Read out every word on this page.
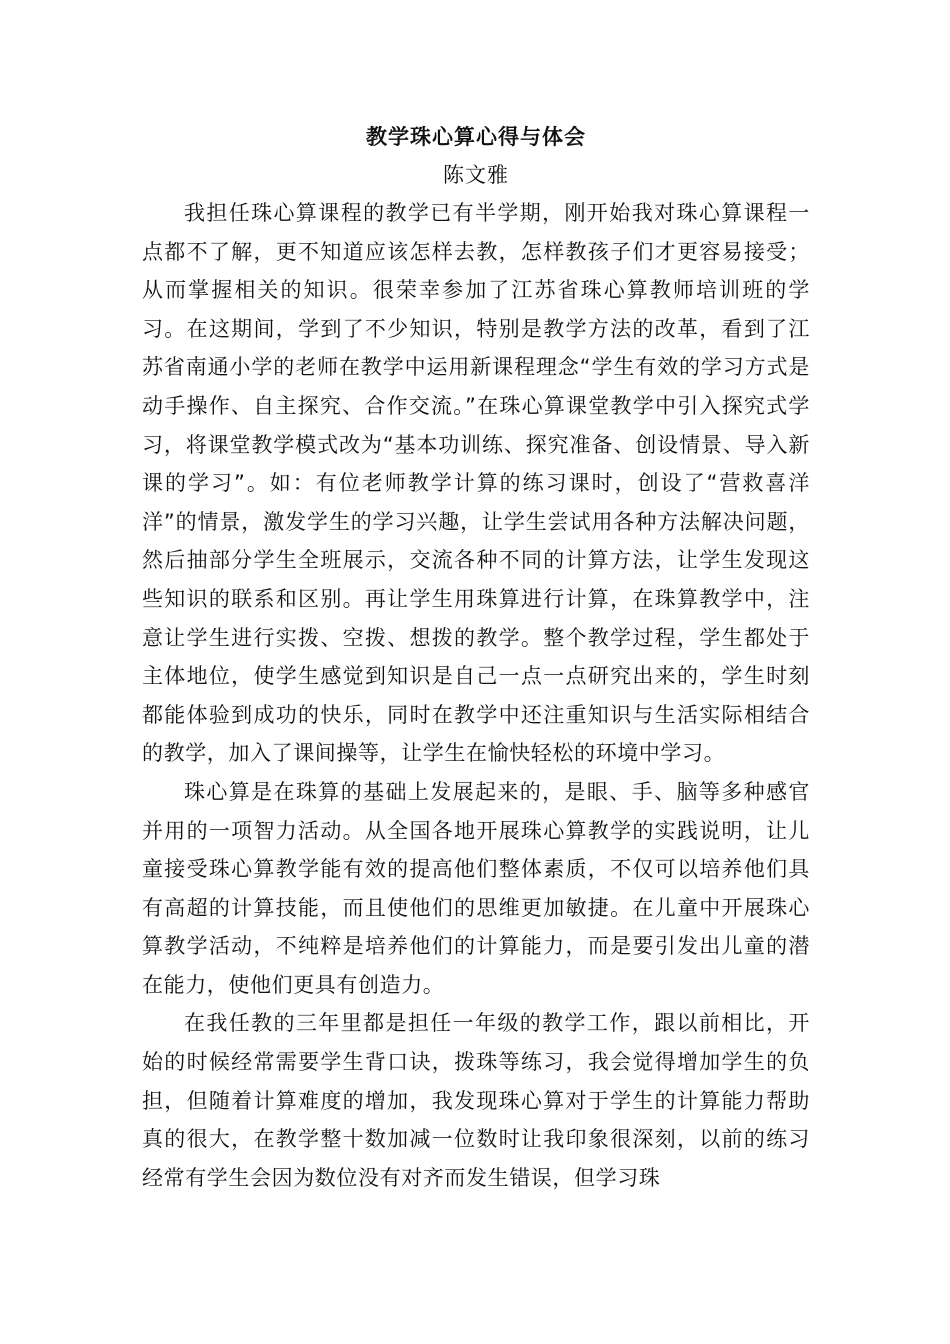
教学珠心算心得与体会

陈文雅

我担任珠心算课程的教学已有半学期，刚开始我对珠心算课程一点都不了解，更不知道应该怎样去教，怎样教孩子们才更容易接受；从而掌握相关的知识。很荣幸参加了江苏省珠心算教师培训班的学习。在这期间，学到了不少知识，特别是教学方法的改革，看到了江苏省南通小学的老师在教学中运用新课程理念“学生有效的学习方式是动手操作、自主探究、合作交流。”在珠心算课堂教学中引入探究式学习，将课堂教学模式改为“基本功训练、探究准备、创设情景、导入新课的学习”。如：有位老师教学计算的练习课时，创设了“营救喜洋洋”的情景，激发学生的学习兴趣，让学生尝试用各种方法解决问题，然后抽部分学生全班展示，交流各种不同的计算方法，让学生发现这些知识的联系和区别。再让学生用珠算进行计算，在珠算教学中，注意让学生进行实拨、空拨、想拨的教学。整个教学过程，学生都处于主体地位，使学生感觉到知识是自己一点一点研究出来的，学生时刻都能体验到成功的快乐，同时在教学中还注重知识与生活实际相结合的教学，加入了课间操等，让学生在愉快轻松的环境中学习。

珠心算是在珠算的基础上发展起来的，是眼、手、脑等多种感官并用的一项智力活动。从全国各地开展珠心算教学的实践说明，让儿童接受珠心算教学能有效的提高他们整体素质，不仅可以培养他们具有高超的计算技能，而且使他们的思维更加敏捷。在儿童中开展珠心算教学活动，不纯粹是培养他们的计算能力，而是要引发出儿童的潜在能力，使他们更具有创造力。

在我任教的三年里都是担任一年级的教学工作，跟以前相比，开始的时候经常需要学生背口诀，拨珠等练习，我会觉得增加学生的负担，但随着计算难度的增加，我发现珠心算对于学生的计算能力帮助真的很大，在教学整十数加减一位数时让我印象很深刻，以前的练习经常有学生会因为数位没有对齐而发生错误，但学习珠
